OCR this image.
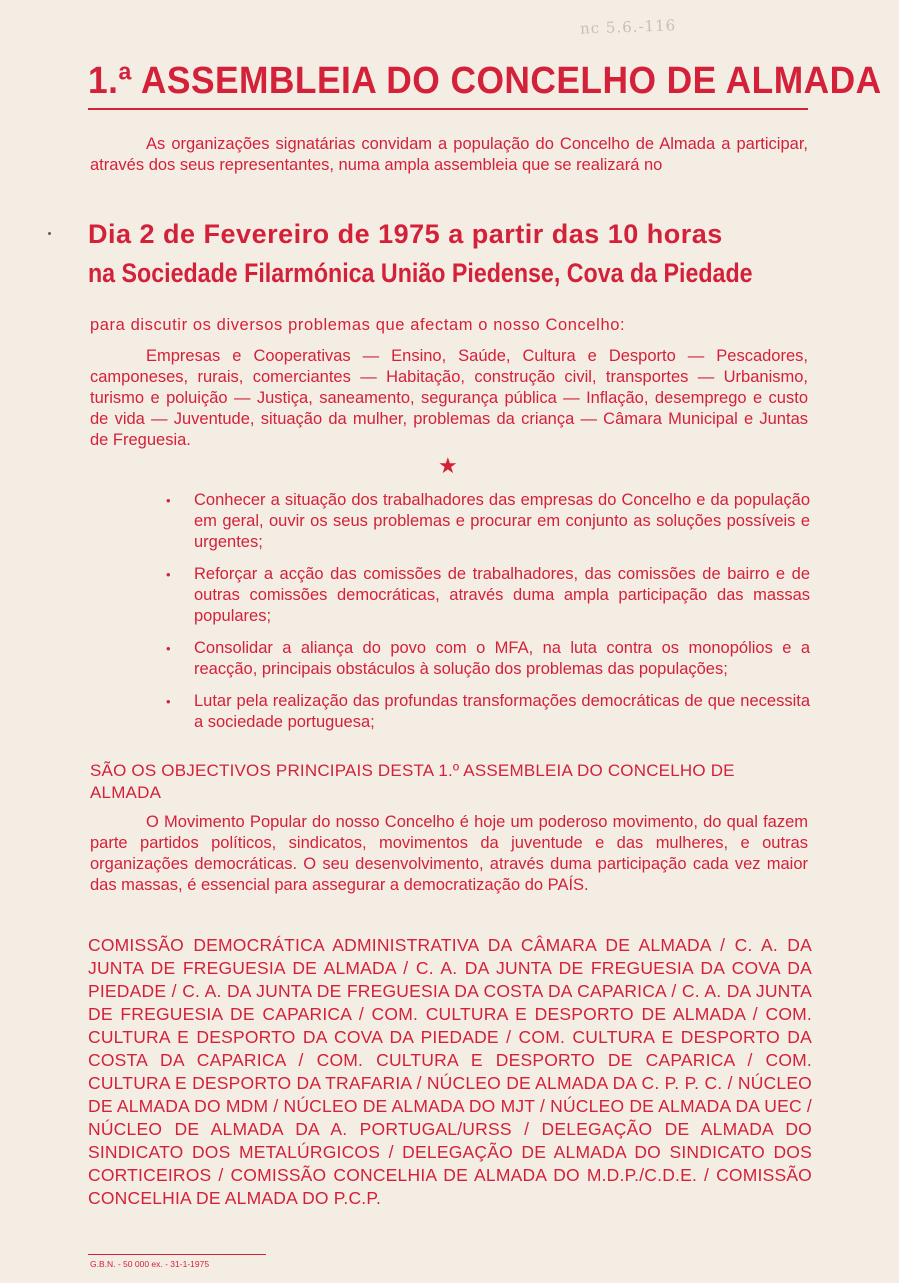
nc 5.6.-116
1.ª ASSEMBLEIA DO CONCELHO DE ALMADA
As organizações signatárias convidam a população do Concelho de Almada a participar, através dos seus representantes, numa ampla assembleia que se realizará no
Dia 2 de Fevereiro de 1975 a partir das 10 horas
na Sociedade Filarmónica União Piedense, Cova da Piedade
para discutir os diversos problemas que afectam o nosso Concelho:
Empresas e Cooperativas — Ensino, Saúde, Cultura e Desporto — Pescadores, camponeses, rurais, comerciantes — Habitação, construção civil, transportes — Urbanismo, turismo e poluição — Justiça, saneamento, segurança pública — Inflação, desemprego e custo de vida — Juventude, situação da mulher, problemas da criança — Câmara Municipal e Juntas de Freguesia.
★
• Conhecer a situação dos trabalhadores das empresas do Concelho e da população em geral, ouvir os seus problemas e procurar em conjunto as soluções possíveis e urgentes;
• Reforçar a acção das comissões de trabalhadores, das comissões de bairro e de outras comissões democráticas, através duma ampla participação das massas populares;
• Consolidar a aliança do povo com o MFA, na luta contra os monopólios e a reacção, principais obstáculos à solução dos problemas das populações;
• Lutar pela realização das profundas transformações democráticas de que necessita a sociedade portuguesa;
SÃO OS OBJECTIVOS PRINCIPAIS DESTA 1.º ASSEMBLEIA DO CONCELHO DE ALMADA
O Movimento Popular do nosso Concelho é hoje um poderoso movimento, do qual fazem parte partidos políticos, sindicatos, movimentos da juventude e das mulheres, e outras organizações democráticas. O seu desenvolvimento, através duma participação cada vez maior das massas, é essencial para assegurar a democratização do PAÍS.
COMISSÃO DEMOCRÁTICA ADMINISTRATIVA DA CÂMARA DE ALMADA / C. A. DA JUNTA DE FREGUESIA DE ALMADA / C. A. DA JUNTA DE FREGUESIA DA COVA DA PIEDADE / C. A. DA JUNTA DE FREGUESIA DA COSTA DA CAPARICA / C. A. DA JUNTA DE FREGUESIA DE CAPARICA / COM. CULTURA E DESPORTO DE ALMADA / COM. CULTURA E DESPORTO DA COVA DA PIEDADE / COM. CULTURA E DESPORTO DA COSTA DA CAPARICA / COM. CULTURA E DESPORTO DE CAPARICA / COM. CULTURA E DESPORTO DA TRAFARIA / NÚCLEO DE ALMADA DA C. P. P. C. / NÚCLEO DE ALMADA DO MDM / NÚCLEO DE ALMADA DO MJT / NÚCLEO DE ALMADA DA UEC / NÚCLEO DE ALMADA DA A. PORTUGAL/URSS / DELEGAÇÃO DE ALMADA DO SINDICATO DOS METALÚRGICOS / DELEGAÇÃO DE ALMADA DO SINDICATO DOS CORTICEIROS / COMISSÃO CONCELHIA DE ALMADA DO M.D.P./C.D.E. / COMISSÃO CONCELHIA DE ALMADA DO P.C.P.
G.B.N. - 50 000 ex. - 31-1-1975
